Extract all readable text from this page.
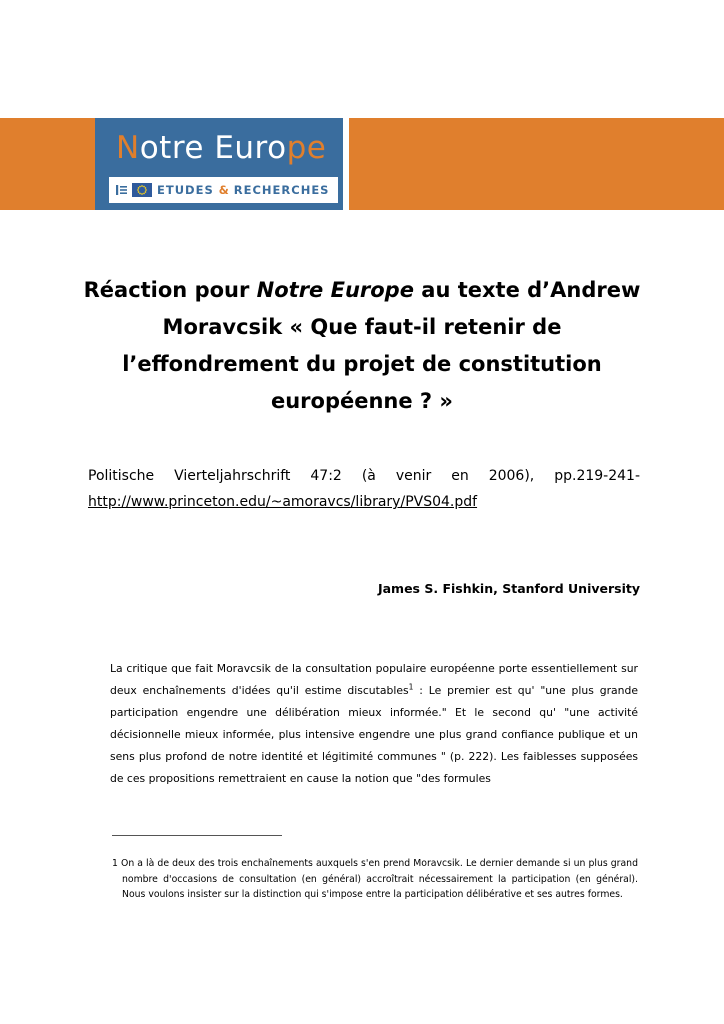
Notre Europe
ETUDES & RECHERCHES
Réaction pour Notre Europe au texte d’Andrew
Moravcsik « Que faut-il retenir de
l’effondrement du projet de constitution
européenne ? »
Politische Vierteljahrschrift 47:2 (à venir en 2006), pp.219-241-
http://www.princeton.edu/~amoravcs/library/PVS04.pdf
James S. Fishkin, Stanford University

La critique que fait Moravcsik de la consultation populaire européenne porte essentiellement sur deux enchaînements d'idées qu'il estime discutables$^1$ : Le premier est qu' "une plus grande participation engendre une délibération mieux informée." Et le second qu' "une activité décisionnelle mieux informée, plus intensive engendre une plus grand confiance publique et un sens plus profond de notre identité et légitimité communes " (p. 222). Les faiblesses supposées de ces propositions remettraient en cause la notion que "des formules

1 On a là de deux des trois enchaînements auxquels s'en prend Moravcsik. Le dernier demande si un plus grand nombre d'occasions de consultation (en général) accroîtrait nécessairement la participation (en général). Nous voulons insister sur la distinction qui s'impose entre la participation délibérative et ses autres formes.
